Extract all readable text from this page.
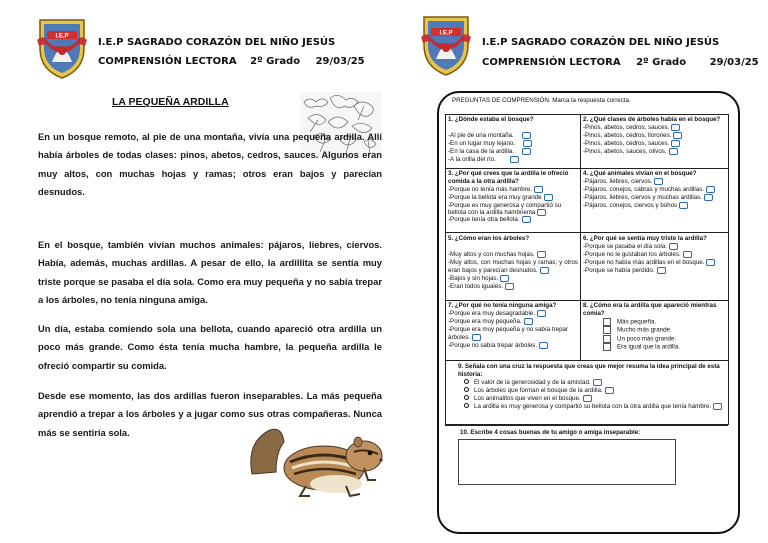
I.E.P
I.E.P SAGRADO CORAZÓN DEL NIÑO JESÚS
COMPRENSIÓN LECTORA 2º Grado 29/03/25
LA PEQUEÑA ARDILLA
En un bosque remoto, al pie de una montaña, vivía una pequeña ardilla. Allí había árboles de todas clases: pinos, abetos, cedros, sauces. Algunos eran muy altos, con muchas hojas y ramas; otros eran bajos y parecían desnudos.
En el bosque, también vivían muchos animales: pájaros, liebres, ciervos. Había, además, muchas ardillas. A pesar de ello, la ardillita se sentía muy triste porque se pasaba el día sola. Como era muy pequeña y no sabía trepar a los árboles, no tenía ninguna amiga.
Un día, estaba comiendo sola una bellota, cuando apareció otra ardilla un poco más grande. Como ésta tenía mucha hambre, la pequeña ardilla le ofreció compartir su comida.
Desde ese momento, las dos ardillas fueron inseparables. La más pequeña aprendió a trepar a los árboles y a jugar como sus otras compañeras. Nunca más se sentiría sola.
I.E.P
I.E.P SAGRADO CORAZÓN DEL NIÑO JESÚS
COMPRENSIÓN LECTORA 2º Grado 29/03/25
PREGUNTAS DE COMPRENSIÓN. Marca la respuesta correcta.
1. ¿Dónde estaba el bosque?
-Al pie de una montaña.
-En un lugar muy lejano.
-En la casa de la ardilla.
-A la orilla del río.
2. ¿Qué clases de árboles había en el bosque?
-Pinos, abetos, cedros, sauces.
-Pinos, abetos, cedros, llorones.
-Pinos, abetos, cedros, sauces.
-Pinos, abetos, sauces, olivos.
3. ¿Por qué crees que la ardilla le ofreció comida a la otra ardilla?
-Porque no tenía más hambre.
-Porque la bellota era muy grande
-Porque es muy generosa y compartió su bellota con la ardilla hambrienta
-Porque tenía otra bellota.
4. ¿Qué animales vivían en el bosque?
-Pájaros, liebres, ciervos.
-Pájaros, conejos, cabras y muchas ardillas.
-Pájaros, liebres, ciervos y muchas ardillas.
-Pájaros, conejos, ciervos y búhos
5. ¿Cómo eran los árboles?
-Muy altos y con muchas hojas.
-Muy altos, con muchas hojas y ramas; y otros eran bajos y parecían desnudos.
-Bajos y sin hojas.
-Eran todos iguales.
6. ¿Por qué se sentía muy triste la ardilla?
-Porque se pasaba el día sola.
-Porque no le gustaban los árboles.
-Porque no había más ardillas en el bosque.
-Porque se había perdido.
7. ¿Por qué no tenía ninguna amiga?
-Porque era muy desagradable.
-Porque era muy pequeña.
-Porque era muy pequeña y no sabía trepar árboles.
-Porque no sabía trepar árboles.
8. ¿Cómo era la ardilla que apareció mientras comía?
Más pequeña.
Mucho más grande.
Un poco más grande.
Era igual que la ardilla.
9. Señala con una cruz la respuesta que creas que mejor resuma la idea principal de esta historia:
El valor de la generosidad y de la amistad.
Los árboles que forman el bosque de la ardilla.
Los animalitos que viven en el bosque.
La ardilla es muy generosa y compartió su bellota con la otra ardilla que tenía hambre.
10. Escribe 4 cosas buenas de tu amigo o amiga inseparable:
